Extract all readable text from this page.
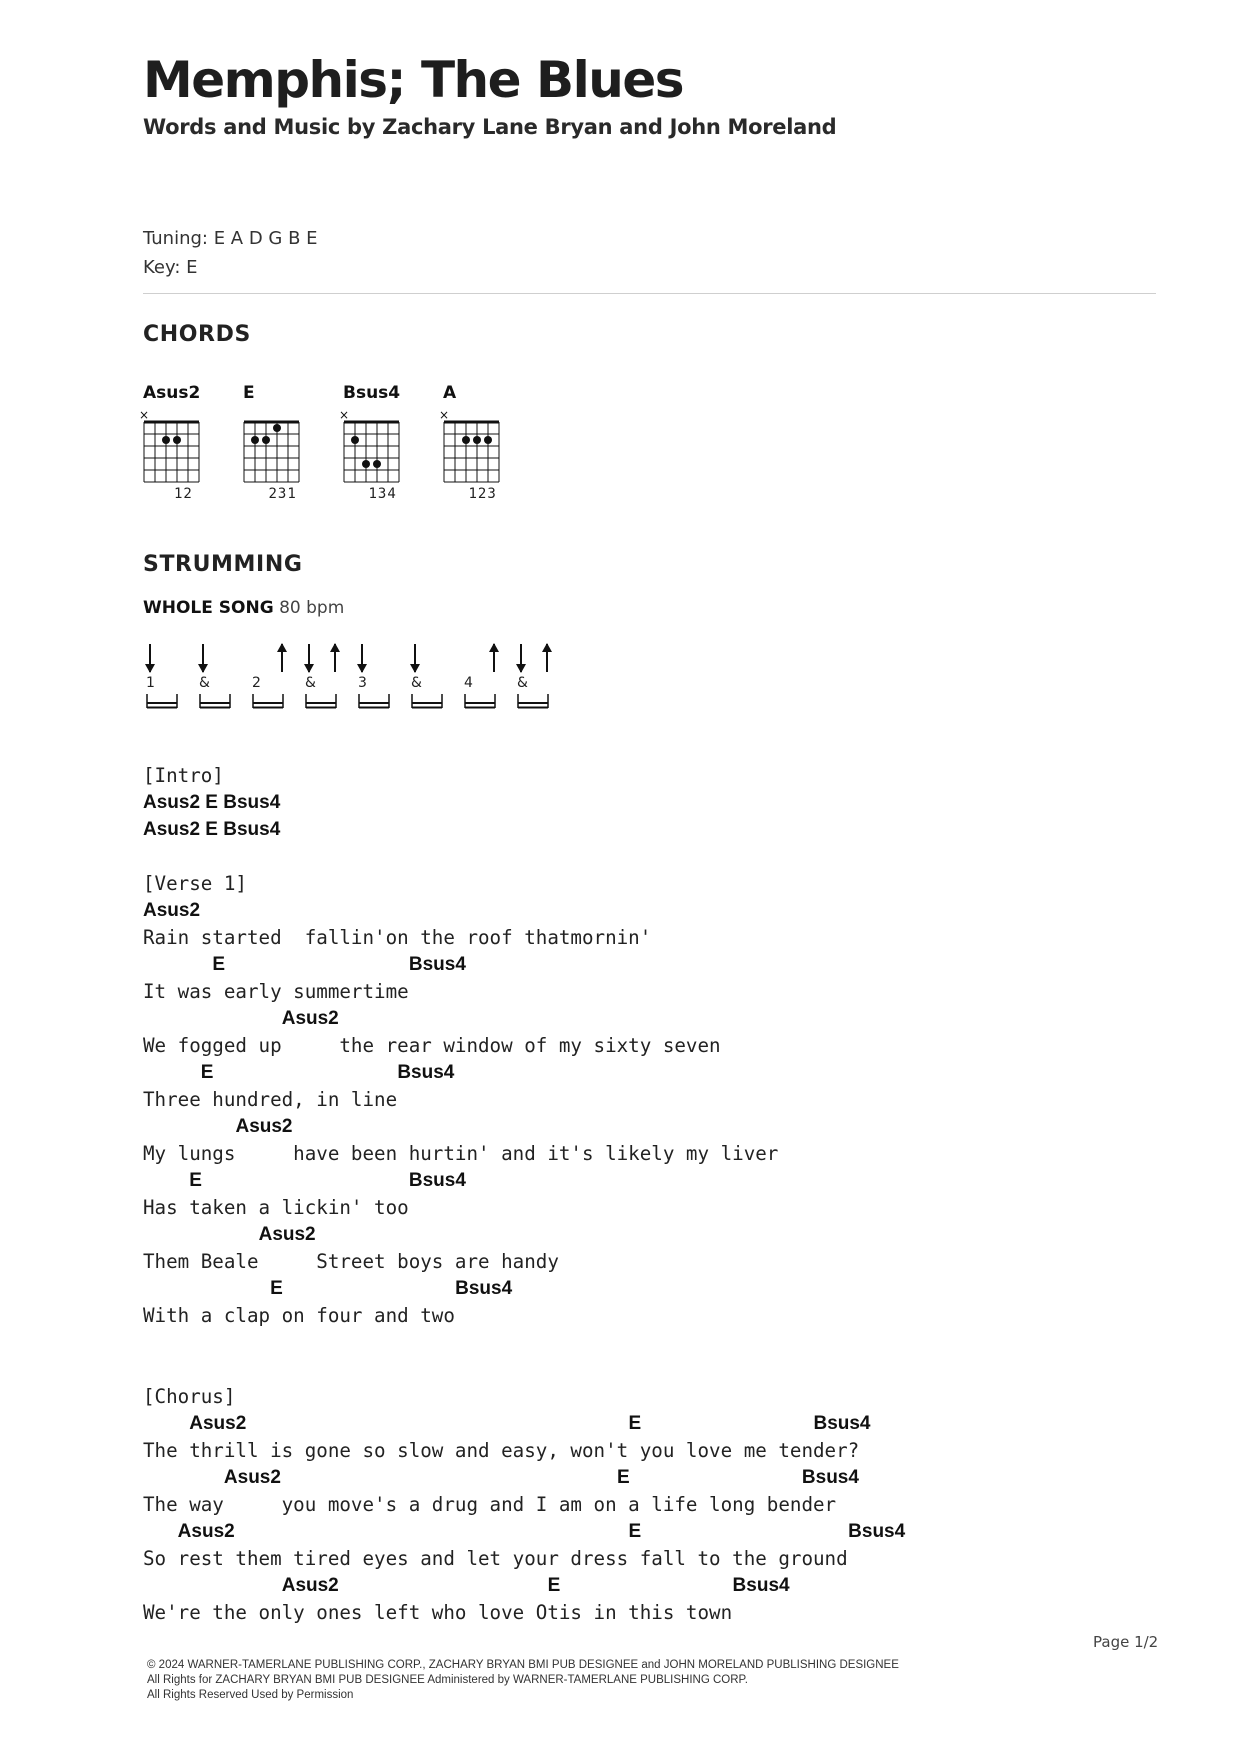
Memphis; The Blues
Words and Music by Zachary Lane Bryan and John Moreland
Tuning: E A D G B E
Key: E
CHORDS
Asus2
×
12
E
231
Bsus4
×
134
A
×
123
STRUMMING
WHOLE SONG 80 bpm
1	&	2	&	3	&	4	&
[Intro]
Asus2 E Bsus4
Asus2 E Bsus4
[Verse 1]
Asus2
Rain started  fallin'on the roof thatmornin'
E	Bsus4
It was early summertime
Asus2
We fogged up     the rear window of my sixty seven
E	Bsus4
Three hundred, in line
Asus2
My lungs     have been hurtin' and it's likely my liver
E	Bsus4
Has taken a lickin' too
Asus2
Them Beale     Street boys are handy
E	Bsus4
With a clap on four and two
[Chorus]
Asus2	E	Bsus4
The thrill is gone so slow and easy, won't you love me tender?
Asus2	E	Bsus4
The way     you move's a drug and I am on a life long bender
Asus2	E	Bsus4
So rest them tired eyes and let your dress fall to the ground
Asus2	E	Bsus4
We're the only ones left who love Otis in this town
Page 1/2
© 2024 WARNER-TAMERLANE PUBLISHING CORP., ZACHARY BRYAN BMI PUB DESIGNEE and JOHN MORELAND PUBLISHING DESIGNEE
All Rights for ZACHARY BRYAN BMI PUB DESIGNEE Administered by WARNER-TAMERLANE PUBLISHING CORP.
All Rights Reserved Used by Permission
